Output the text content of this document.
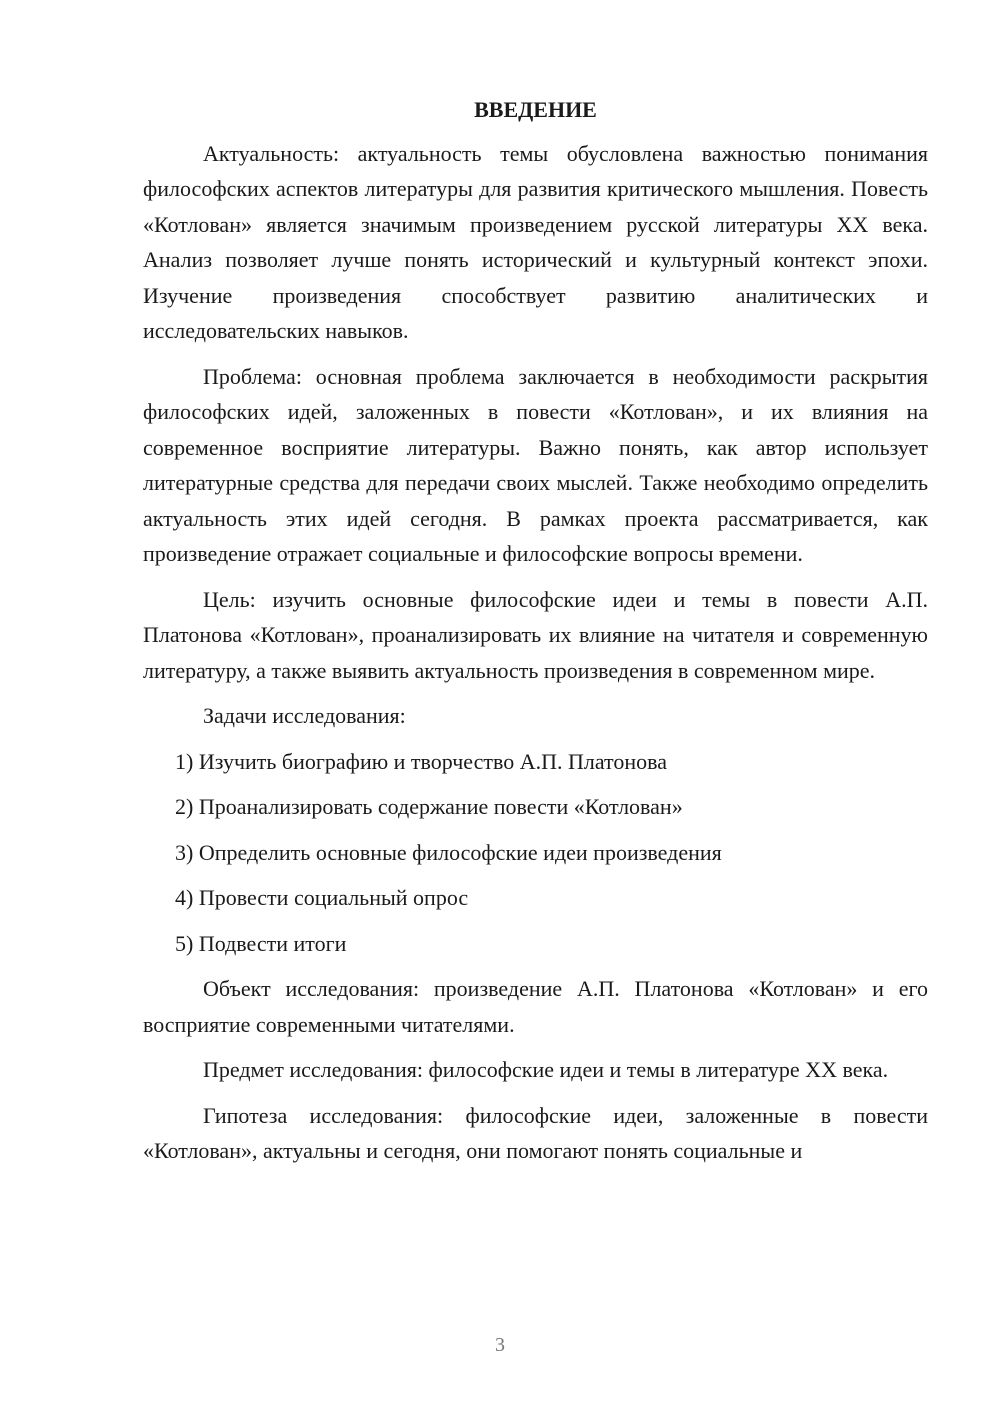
ВВЕДЕНИЕ

Актуальность: актуальность темы обусловлена важностью понимания философских аспектов литературы для развития критического мышления. Повесть «Котлован» является значимым произведением русской литературы XX века. Анализ позволяет лучше понять исторический и культурный контекст эпохи. Изучение произведения способствует развитию аналитических и исследовательских навыков.

Проблема: основная проблема заключается в необходимости раскрытия философских идей, заложенных в повести «Котлован», и их влияния на современное восприятие литературы. Важно понять, как автор использует литературные средства для передачи своих мыслей. Также необходимо определить актуальность этих идей сегодня. В рамках проекта рассматривается, как произведение отражает социальные и философские вопросы времени.

Цель: изучить основные философские идеи и темы в повести А.П. Платонова «Котлован», проанализировать их влияние на читателя и современную литературу, а также выявить актуальность произведения в современном мире.

Задачи исследования:

1) Изучить биографию и творчество А.П. Платонова
2) Проанализировать содержание повести «Котлован»
3) Определить основные философские идеи произведения
4) Провести социальный опрос
5) Подвести итоги

Объект исследования: произведение А.П. Платонова «Котлован» и его восприятие современными читателями.

Предмет исследования: философские идеи и темы в литературе XX века.

Гипотеза исследования: философские идеи, заложенные в повести «Котлован», актуальны и сегодня, они помогают понять социальные и

3
